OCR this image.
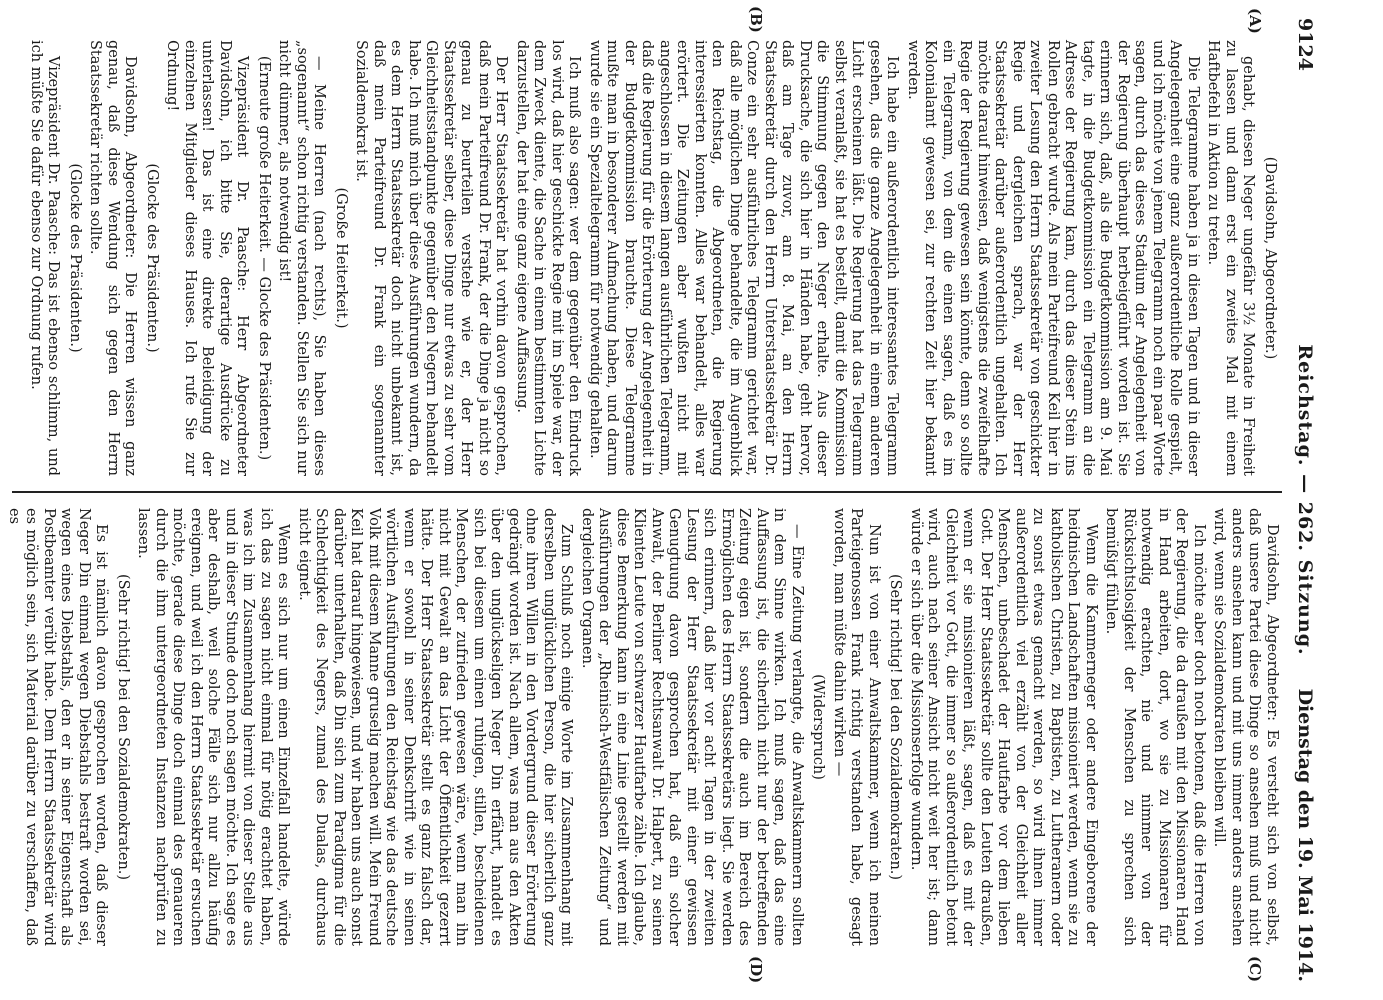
9124
Reichstag. — 262. Sitzung.
Dienstag den 19. Mai 1914.
(A)
(B)
(C)
(D)

(Davidsohn, Abgeordneter.)

gehabt, diesen Neger ungefähr 3½ Monate in Freiheit zu lassen und dann erst ein zweites Mal mit einem Haftbefehl in Aktion zu treten.

Die Telegramme haben ja in diesen Tagen und in dieser Angelegenheit eine ganz außerordentliche Rolle gespielt, und ich möchte von jenem Telegramm noch ein paar Worte sagen, durch das dieses Stadium der Angelegenheit von der Regierung überhaupt herbeigeführt worden ist. Sie erinnern sich, daß, als die Budgetkommission am 9. Mai tagte, in die Budgetkommission ein Telegramm an die Adresse der Regierung kam, durch das dieser Stein ins Rollen gebracht wurde. Als mein Parteifreund Keil hier in zweiter Lesung den Herrn Staatssekretär von geschickter Regie und dergleichen sprach, war der Herr Staatssekretär darüber außerordentlich ungehalten. Ich möchte darauf hinweisen, daß wenigstens die zweifelhafte Regie der Regierung gewesen sein könnte, denn so sollte ein Telegramm, von dem die einen sagen, daß es im Kolonialamt gewesen sei, zur rechten Zeit hier bekannt werden.

Ich habe ein außerordentlich interessantes Telegramm gesehen, das die ganze Angelegenheit in einem anderen Licht erscheinen läßt. Die Regierung hat das Telegramm selbst veranlaßt, sie hat es bestellt, damit die Kommission die Stimmung gegen den Neger erhalte. Aus dieser Drucksache, die sich hier in Händen habe, geht hervor, daß am Tage zuvor, am 8. Mai, an den Herrn Staatssekretär durch den Herrn Unterstaatssekretär Dr. Conze ein sehr ausführliches Telegramm gerichtet war, daß alle möglichen Dinge behandelte, die im Augenblick den Reichstag, die Abgeordneten, die Regierung interessierten konnten. Alles war behandelt, alles war erörtert. Die Zeitungen aber wußten nicht mit angeschlossen in diesem langen ausführlichen Telegramm, daß die Regierung für die Erörterung der Angelegenheit in der Budgetkommission brauchte. Diese Telegramme mußte man in besonderer Aufmachung haben, und darum wurde sie ein Spezialtelegramm für notwendig gehalten.

Ich muß also sagen: wer dem gegenüber den Eindruck los wird, daß hier geschickte Regie mit im Spiele war, der dem Zweck diente, die Sache in einem bestimmten Lichte darzustellen, der hat eine ganz eigene Auffassung.

Der Herr Staatssekretär hat vorhin davon gesprochen, daß mein Parteifreund Dr. Frank, der die Dinge ja nicht so genau zu beurteilen verstehe wie er, der Herr Staatssekretär selber, diese Dinge nur etwas zu sehr vom Gleichheitsstandpunkte gegenüber den Negern behandelt habe. Ich muß mich über diese Ausführungen wundern, da es dem Herrn Staatssekretär doch nicht unbekannt ist, daß mein Parteifreund Dr. Frank ein sogenannter Sozialdemokrat ist.

(Große Heiterkeit.)

— Meine Herren (nach rechts), Sie haben dieses „sogenannt“ schon richtig verstanden. Stellen Sie sich nur nicht dümmer, als notwendig ist!

(Erneute große Heiterkeit. — Glocke des Präsidenten.)

Vizepräsident Dr. Paasche: Herr Abgeordneter Davidsohn, ich bitte Sie, derartige Ausdrücke zu unterlassen! Das ist eine direkte Beleidigung der einzelnen Mitglieder dieses Hauses. Ich rufe Sie zur Ordnung!

(Glocke des Präsidenten.)

Davidsohn, Abgeordneter: Die Herren wissen ganz genau, daß diese Wendung sich gegen den Herrn Staatssekretär richten sollte.

(Glocke des Präsidenten.)

Vizepräsident Dr. Paasche: Das ist ebenso schlimm, und ich müßte Sie dafür ebenso zur Ordnung rufen.

Davidsohn, Abgeordneter: Es versteht sich von selbst, daß unsere Partei diese Dinge so ansehen muß und nicht anders ansehen kann und mit uns immer anders ansehen wird, wenn sie Sozialdemokraten bleiben will.

Ich möchte aber doch noch betonen, daß die Herren von der Regierung, die da draußen mit den Missionaren Hand in Hand arbeiten, dort, wo sie zu Missionaren für notwendig erachten, nie und nimmer von der Rücksichtslosigkeit der Menschen zu sprechen sich bemüßigt fühlen.

Wenn die Kammerneger oder andere Eingeborene der heidnischen Landschaften missioniert werden, wenn sie zu katholischen Christen, zu Baptisten, zu Lutheranern oder zu sonst etwas gemacht werden, so wird ihnen immer außerordentlich viel erzählt von der Gleichheit aller Menschen, unbeschadet der Hautfarbe vor dem lieben Gott. Der Herr Staatssekretär sollte den Leuten draußen, wenn er sie missionieren läßt, sagen, daß es mit der Gleichheit vor Gott, die immer so außerordentlich betont wird, auch nach seiner Ansicht nicht weit her ist; dann würde er sich über die Missionserfolge wundern.

(Sehr richtig! bei den Sozialdemokraten.)

Nun ist von einer Anwaltskammer, wenn ich meinen Parteigenossen Frank richtig verstanden habe, gesagt worden, man müßte dahin wirken —

(Widerspruch)

— Eine Zeitung verlangte, die Anwaltskammern sollten in dem Sinne wirken. Ich muß sagen, daß das eine Auffassung ist, die sicherlich nicht nur der betreffenden Zeitung eigen ist, sondern die auch im Bereich des Ermöglichen des Herrn Staatssekretärs liegt. Sie werden sich erinnern, daß hier vor acht Tagen in der zweiten Lesung der Herr Staatssekretär mit einer gewissen Genugtuung davon gesprochen hat, daß ein solcher Anwalt, der Berliner Rechtsanwalt Dr. Halpert, zu seinen Klienten Leute von schwarzer Hautfarbe zähle. Ich glaube, diese Bemerkung kann in eine Linie gestellt werden mit Ausführungen der „Rheinisch-Westfälischen Zeitung“ und dergleichen Organen.

Zum Schluß noch einige Worte im Zusammenhang mit derselben unglücklichen Person, die hier sicherlich ganz ohne ihren Willen in den Vordergrund dieser Erörterung gedrängt worden ist. Nach allem, was man aus den Akten über den unglückseligen Neger Din erfährt, handelt es sich bei diesem um einen ruhigen, stillen, bescheidenen Menschen, der zufrieden gewesen wäre, wenn man ihn nicht mit Gewalt an das Licht der Öffentlichkeit gezerrt hätte. Der Herr Staatssekretär stellt es ganz falsch dar, wenn er sowohl in seiner Denkschrift wie in seinen wörtlichen Ausführungen den Reichstag wie das deutsche Volk mit diesem Manne gruselig machen will. Mein Freund Keil hat darauf hingewiesen, und wir haben uns auch sonst darüber unterhalten, daß Din sich zum Paradigma für die Schlechtigkeit des Negers, zumal des Dualas, durchaus nicht eignet.

Wenn es sich nur um einen Einzelfall handelte, würde ich das zu sagen nicht einmal für nötig erachtet haben, was ich im Zusammenhang hiermit von dieser Stelle aus und in dieser Stunde doch noch sagen möchte. Ich sage es aber deshalb, weil solche Fälle sich nur allzu häufig ereignen, und weil ich den Herrn Staatssekretär ersuchen möchte, gerade diese Dinge doch einmal des genaueren durch die ihm untergeordneten Instanzen nachprüfen zu lassen.

(Sehr richtig! bei den Sozialdemokraten.)

Es ist nämlich davon gesprochen worden, daß dieser Neger Din einmal wegen Diebstahls bestraft worden sei, wegen eines Diebstahls, den er in seiner Eigenschaft als Postbeamter verübt habe. Dem Herrn Staatssekretär wird es möglich sein, sich Material darüber zu verschaffen, daß es
